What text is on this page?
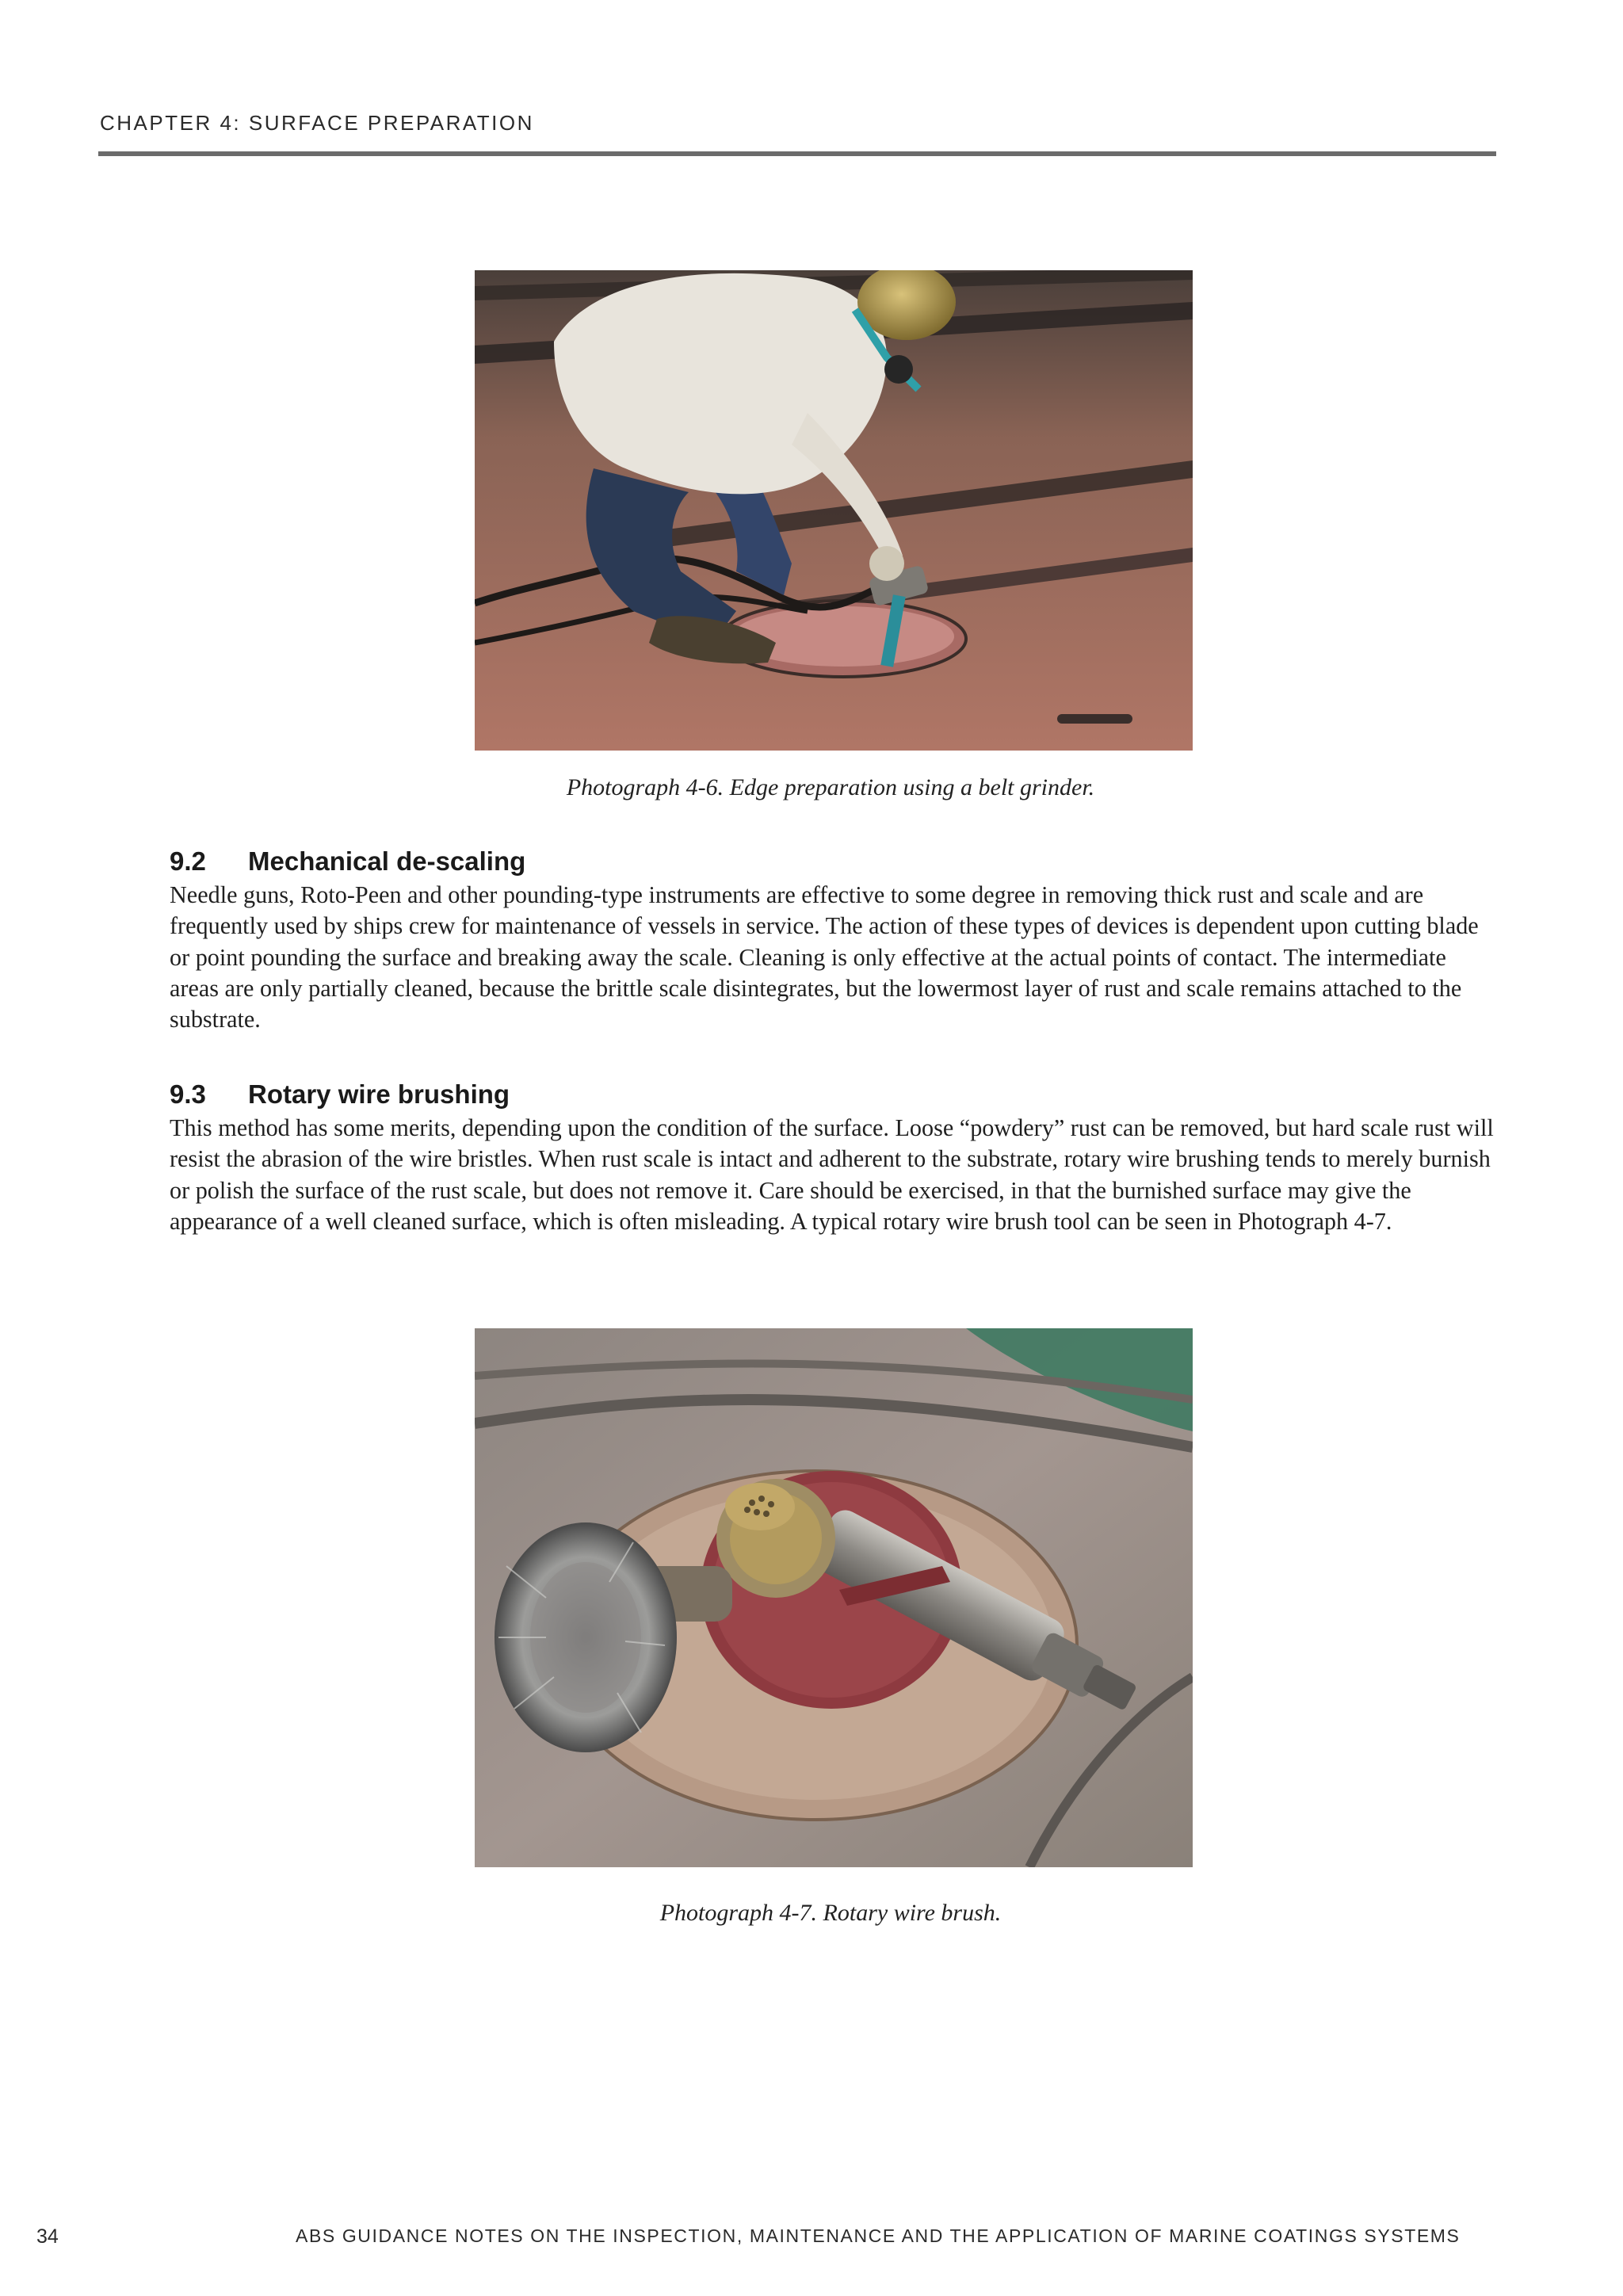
CHAPTER 4: SURFACE PREPARATION
Photograph 4-6. Edge preparation using a belt grinder.
9.2 Mechanical de-scaling

Needle guns, Roto-Peen and other pounding-type instruments are effective to some degree in removing thick rust and scale and are frequently used by ships crew for maintenance of vessels in service. The action of these types of devices is dependent upon cutting blade or point pounding the surface and breaking away the scale. Cleaning is only effective at the actual points of contact. The intermediate areas are only partially cleaned, because the brittle scale disintegrates, but the lowermost layer of rust and scale remains attached to the substrate.

9.3 Rotary wire brushing

This method has some merits, depending upon the condition of the surface. Loose “powdery” rust can be removed, but hard scale rust will resist the abrasion of the wire bristles. When rust scale is intact and adherent to the substrate, rotary wire brushing tends to merely burnish or polish the surface of the rust scale, but does not remove it. Care should be exercised, in that the burnished surface may give the appearance of a well cleaned surface, which is often misleading. A typical rotary wire brush tool can be seen in Photograph 4-7.

Photograph 4-7. Rotary wire brush.
34	ABS GUIDANCE NOTES ON THE INSPECTION, MAINTENANCE AND THE APPLICATION OF MARINE COATINGS SYSTEMS
